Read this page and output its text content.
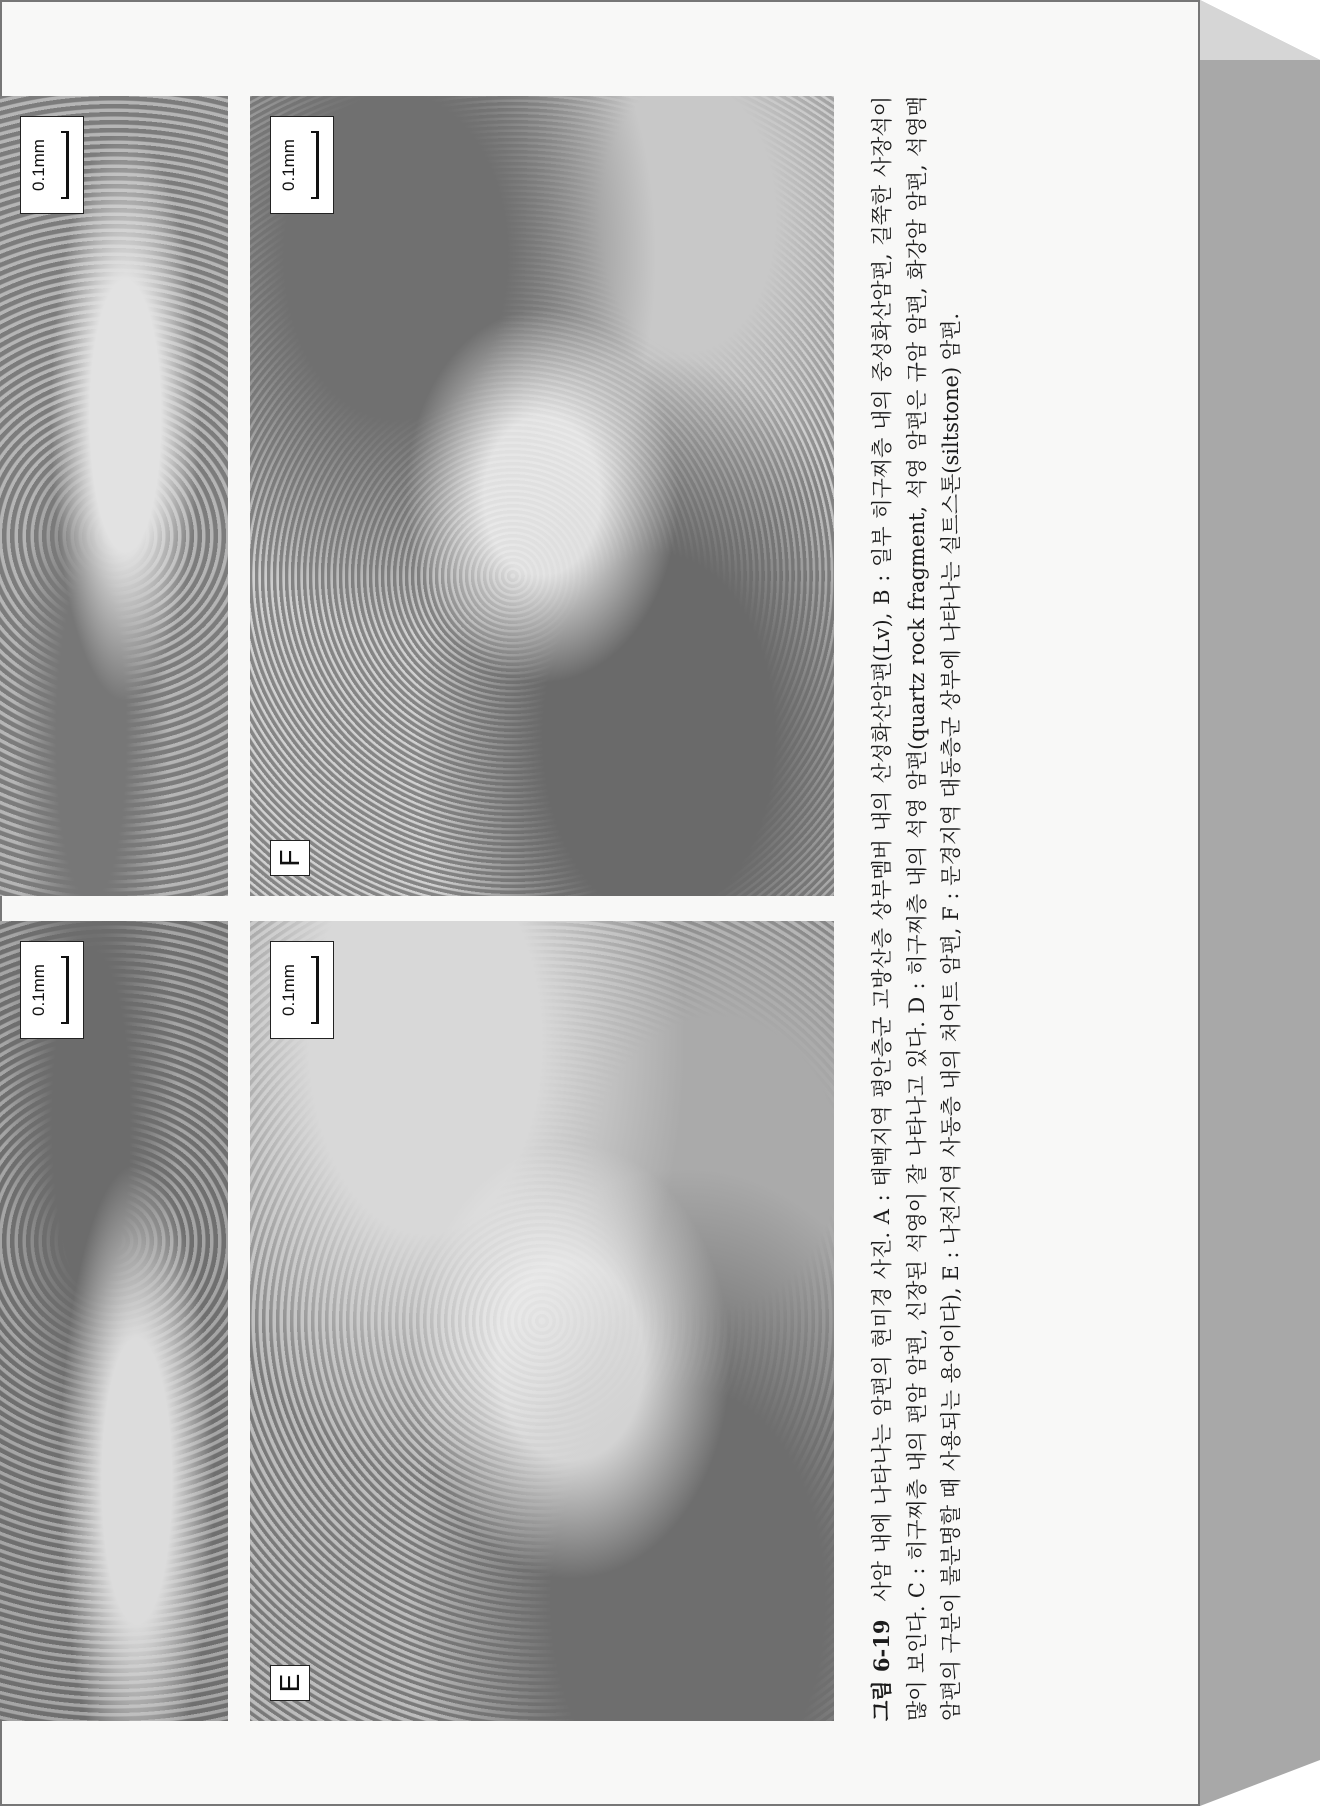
0.1mm
0.1mm
E
0.1mm
F
0.1mm

그림 6-19사암 내에 나타나는 암편의 현미경 사진. A : 태백지역 평안층군 고방산층 상부멤버 내의 산성화산암편(Lv), B : 일부 히구찌층 내의 중성화산암편, 길쭉한 사장석이 많이 보인다. C : 히구찌층 내의 편암 암편, 신장된 석영이 잘 나타나고 있다. D : 히구찌층 내의 석영 암편(quartz rock fragment, 석영 암편은 규암 암편, 화강암 암편, 석영맥 암편의 구분이 불분명할 때 사용되는 용어이다), E : 나전지역 사동층 내의 처어트 암편, F : 문경지역 대동층군 상부에 나타나는 실트스톤(siltstone) 암편.
